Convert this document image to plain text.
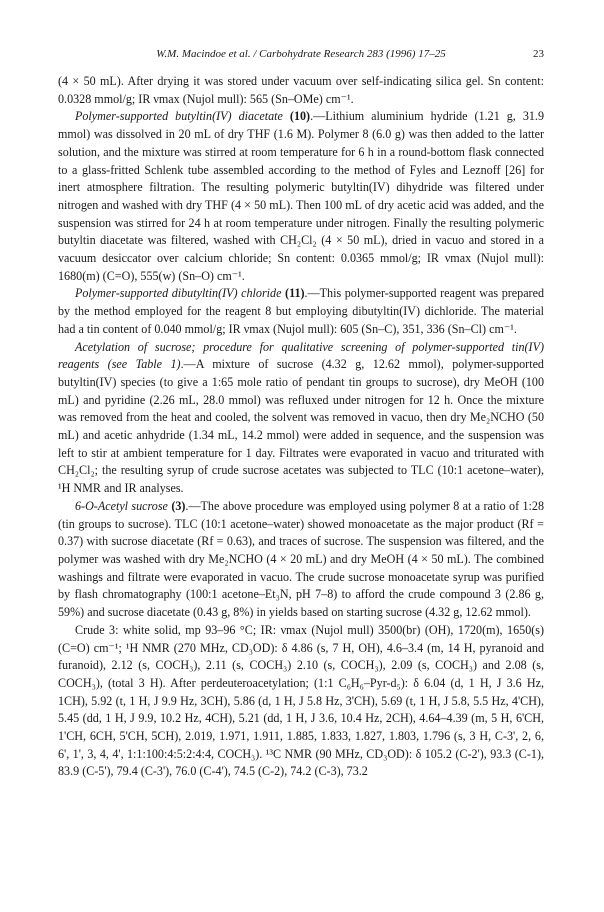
W.M. Macindoe et al. / Carbohydrate Research 283 (1996) 17–25	23

(4 × 50 mL). After drying it was stored under vacuum over self-indicating silica gel. Sn content: 0.0328 mmol/g; IR νmax (Nujol mull): 565 (Sn–OMe) cm⁻¹.

Polymer-supported butyltin(IV) diacetate (10).—Lithium aluminium hydride (1.21 g, 31.9 mmol) was dissolved in 20 mL of dry THF (1.6 M). Polymer 8 (6.0 g) was then added to the latter solution, and the mixture was stirred at room temperature for 6 h in a round-bottom flask connected to a glass-fritted Schlenk tube assembled according to the method of Fyles and Leznoff [26] for inert atmosphere filtration. The resulting polymeric butyltin(IV) dihydride was filtered under nitrogen and washed with dry THF (4 × 50 mL). Then 100 mL of dry acetic acid was added, and the suspension was stirred for 24 h at room temperature under nitrogen. Finally the resulting polymeric butyltin diacetate was filtered, washed with CH₂Cl₂ (4 × 50 mL), dried in vacuo and stored in a vacuum desiccator over calcium chloride; Sn content: 0.0365 mmol/g; IR νmax (Nujol mull): 1680(m) (C=O), 555(w) (Sn–O) cm⁻¹.

Polymer-supported dibutyltin(IV) chloride (11).—This polymer-supported reagent was prepared by the method employed for the reagent 8 but employing dibutyltin(IV) dichloride. The material had a tin content of 0.040 mmol/g; IR νmax (Nujol mull): 605 (Sn–C), 351, 336 (Sn–Cl) cm⁻¹.

Acetylation of sucrose; procedure for qualitative screening of polymer-supported tin(IV) reagents (see Table 1).—A mixture of sucrose (4.32 g, 12.62 mmol), polymer-supported butyltin(IV) species (to give a 1:65 mole ratio of pendant tin groups to sucrose), dry MeOH (100 mL) and pyridine (2.26 mL, 28.0 mmol) was refluxed under nitrogen for 12 h. Once the mixture was removed from the heat and cooled, the solvent was removed in vacuo, then dry Me₂NCHO (50 mL) and acetic anhydride (1.34 mL, 14.2 mmol) were added in sequence, and the suspension was left to stir at ambient temperature for 1 day. Filtrates were evaporated in vacuo and triturated with CH₂Cl₂; the resulting syrup of crude sucrose acetates was subjected to TLC (10:1 acetone–water), ¹H NMR and IR analyses.

6-O-Acetyl sucrose (3).—The above procedure was employed using polymer 8 at a ratio of 1:28 (tin groups to sucrose). TLC (10:1 acetone–water) showed monoacetate as the major product (Rf = 0.37) with sucrose diacetate (Rf = 0.63), and traces of sucrose. The suspension was filtered, and the polymer was washed with dry Me₂NCHO (4 × 20 mL) and dry MeOH (4 × 50 mL). The combined washings and filtrate were evaporated in vacuo. The crude sucrose monoacetate syrup was purified by flash chromatography (100:1 acetone–Et₃N, pH 7–8) to afford the crude compound 3 (2.86 g, 59%) and sucrose diacetate (0.43 g, 8%) in yields based on starting sucrose (4.32 g, 12.62 mmol).

Crude 3: white solid, mp 93–96 °C; IR: νmax (Nujol mull) 3500(br) (OH), 1720(m), 1650(s) (C=O) cm⁻¹; ¹H NMR (270 MHz, CD₃OD): δ 4.86 (s, 7 H, OH), 4.6–3.4 (m, 14 H, pyranoid and furanoid), 2.12 (s, COCH₃), 2.11 (s, COCH₃) 2.10 (s, COCH₃), 2.09 (s, COCH₃) and 2.08 (s, COCH₃), (total 3 H). After perdeuteroacetylation; (1:1 C₆H₆–Pyr-d₅): δ 6.04 (d, 1 H, J 3.6 Hz, 1CH), 5.92 (t, 1 H, J 9.9 Hz, 3CH), 5.86 (d, 1 H, J 5.8 Hz, 3'CH), 5.69 (t, 1 H, J 5.8, 5.5 Hz, 4'CH), 5.45 (dd, 1 H, J 9.9, 10.2 Hz, 4CH), 5.21 (dd, 1 H, J 3.6, 10.4 Hz, 2CH), 4.64–4.39 (m, 5 H, 6'CH, 1'CH, 6CH, 5'CH, 5CH), 2.019, 1.971, 1.911, 1.885, 1.833, 1.827, 1.803, 1.796 (s, 3 H, C-3', 2, 6, 6', 1', 3, 4, 4', 1:1:100:4:5:2:4:4, COCH₃). ¹³C NMR (90 MHz, CD₃OD): δ 105.2 (C-2'), 93.3 (C-1), 83.9 (C-5'), 79.4 (C-3'), 76.0 (C-4'), 74.5 (C-2), 74.2 (C-3), 73.2
